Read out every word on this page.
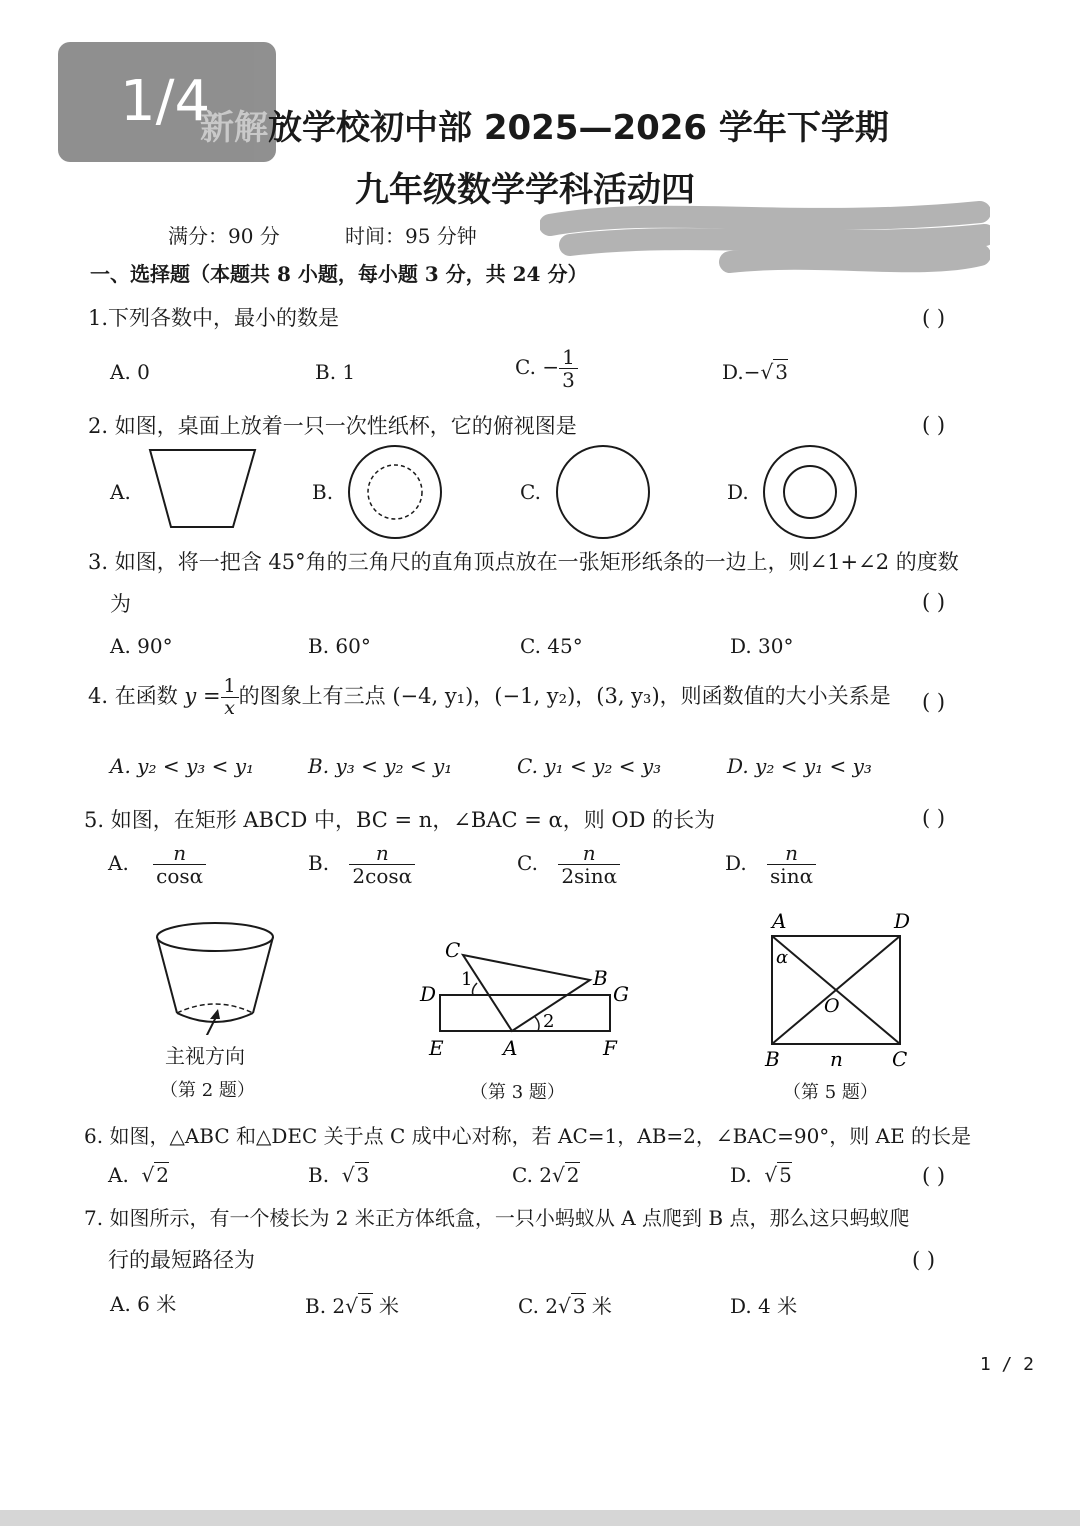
1/4
新解放学校初中部 2025—2026 学年下学期
九年级数学学科活动四
满分：90 分	时间：95 分钟
一、选择题（本题共 8 小题，每小题 3 分，共 24 分）
1.下列各数中，最小的数是	( )
A. 0	B. 1	C. − $\frac{1}{3}$	D.−√ 3
2. 如图，桌面上放着一只一次性纸杯，它的俯视图是	( )
A.	B.	C.	D.
3. 如图，将一把含 45°角的三角尺的直角顶点放在一张矩形纸条的一边上，则∠1+∠2 的度数
为	( )
A. 90°	B. 60°	C. 45°	D. 30°
4. 在函数 $y = \frac{1}{x}$ 的图象上有三点 (−4, y₁)，(−1, y₂)，(3, y₃)，则函数值的大小关系是 ( )
A. y₂ < y₃ < y₁	B. y₃ < y₂ < y₁	C. y₁ < y₂ < y₃	D. y₂ < y₁ < y₃
5. 如图，在矩形 ABCD 中，BC = n，∠BAC = α，则 OD 的长为	( )
A. $\frac{n}{\cos\alpha}$	B. $\frac{n}{2\cos\alpha}$	C. $\frac{n}{2\sin\alpha}$	D. $\frac{n}{\sin\alpha}$
主视方向
（第 2 题）
C
B
D	G
E	A	F
1
2
（第 3 题）
A	D
α
O
B	n C
（第 5 题）
6. 如图，△ABC 和△DEC 关于点 C 成中心对称，若 AC=1，AB=2，∠BAC=90°，则 AE 的长是
A.  √ 2	B.  √ 3	C. 2√ 2	D.  √ 5	( )
7. 如图所示，有一个棱长为 2 米正方体纸盒，一只小蚂蚁从 A 点爬到 B 点，那么这只蚂蚁爬
行的最短路径为	( )
A. 6 米	B. 2√ 5 米	C. 2√ 3 米	D. 4 米
1 / 2
